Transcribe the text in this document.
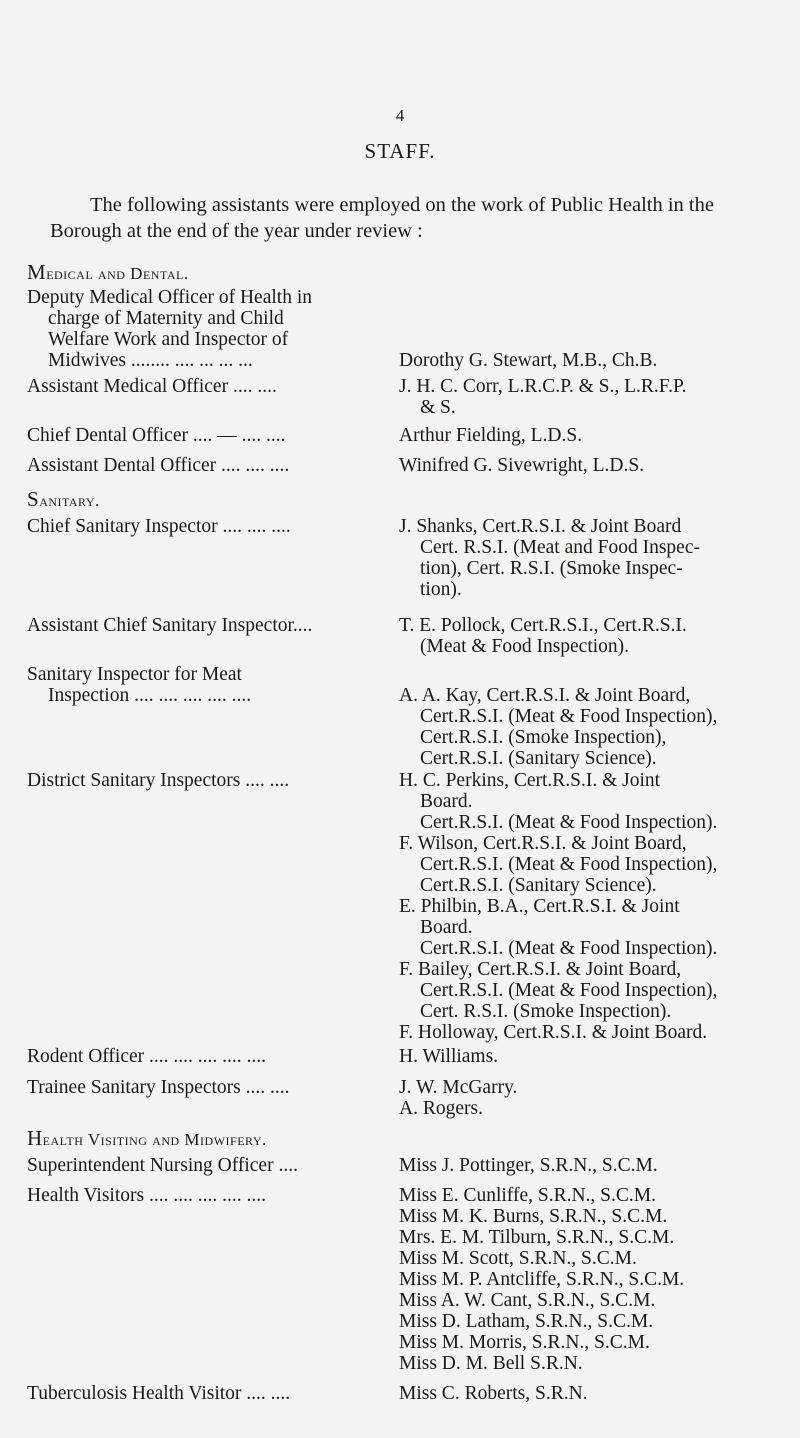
4
STAFF.
The following assistants were employed on the work of Public Health in the Borough at the end of the year under review :
Medical and Dental.
Deputy Medical Officer of Health in
charge of Maternity and Child
Welfare Work and Inspector of
Midwives ........ .... ... ... ...	Dorothy G. Stewart, M.B., Ch.B.
Assistant Medical Officer .... ....	J. H. C. Corr, L.R.C.P. & S., L.R.F.P.
& S.
Chief Dental Officer .... — .... ....	Arthur Fielding, L.D.S.
Assistant Dental Officer .... .... ....	Winifred G. Sivewright, L.D.S.
Sanitary.
Chief Sanitary Inspector .... .... ....	J. Shanks, Cert.R.S.I. & Joint Board
Cert. R.S.I. (Meat and Food Inspec-
tion), Cert. R.S.I. (Smoke Inspec-
tion).
Assistant Chief Sanitary Inspector....	T. E. Pollock, Cert.R.S.I., Cert.R.S.I.
(Meat & Food Inspection).
Sanitary Inspector for Meat
Inspection .... .... .... .... ....	A. A. Kay, Cert.R.S.I. & Joint Board,
Cert.R.S.I. (Meat & Food Inspection),
Cert.R.S.I. (Smoke Inspection),
Cert.R.S.I. (Sanitary Science).
District Sanitary Inspectors .... ....	H. C. Perkins, Cert.R.S.I. & Joint
Board.
Cert.R.S.I. (Meat & Food Inspection).
F. Wilson, Cert.R.S.I. & Joint Board,
Cert.R.S.I. (Meat & Food Inspection),
Cert.R.S.I. (Sanitary Science).
E. Philbin, B.A., Cert.R.S.I. & Joint
Board.
Cert.R.S.I. (Meat & Food Inspection).
F. Bailey, Cert.R.S.I. & Joint Board,
Cert.R.S.I. (Meat & Food Inspection),
Cert. R.S.I. (Smoke Inspection).
F. Holloway, Cert.R.S.I. & Joint Board.
Rodent Officer .... .... .... .... ....	H. Williams.
Trainee Sanitary Inspectors .... ....	J. W. McGarry.
A. Rogers.
Health Visiting and Midwifery.
Superintendent Nursing Officer ....	Miss J. Pottinger, S.R.N., S.C.M.
Health Visitors .... .... .... .... ....	Miss E. Cunliffe, S.R.N., S.C.M.
Miss M. K. Burns, S.R.N., S.C.M.
Mrs. E. M. Tilburn, S.R.N., S.C.M.
Miss M. Scott, S.R.N., S.C.M.
Miss M. P. Antcliffe, S.R.N., S.C.M.
Miss A. W. Cant, S.R.N., S.C.M.
Miss D. Latham, S.R.N., S.C.M.
Miss M. Morris, S.R.N., S.C.M.
Miss D. M. Bell S.R.N.
Tuberculosis Health Visitor .... ....	Miss C. Roberts, S.R.N.
